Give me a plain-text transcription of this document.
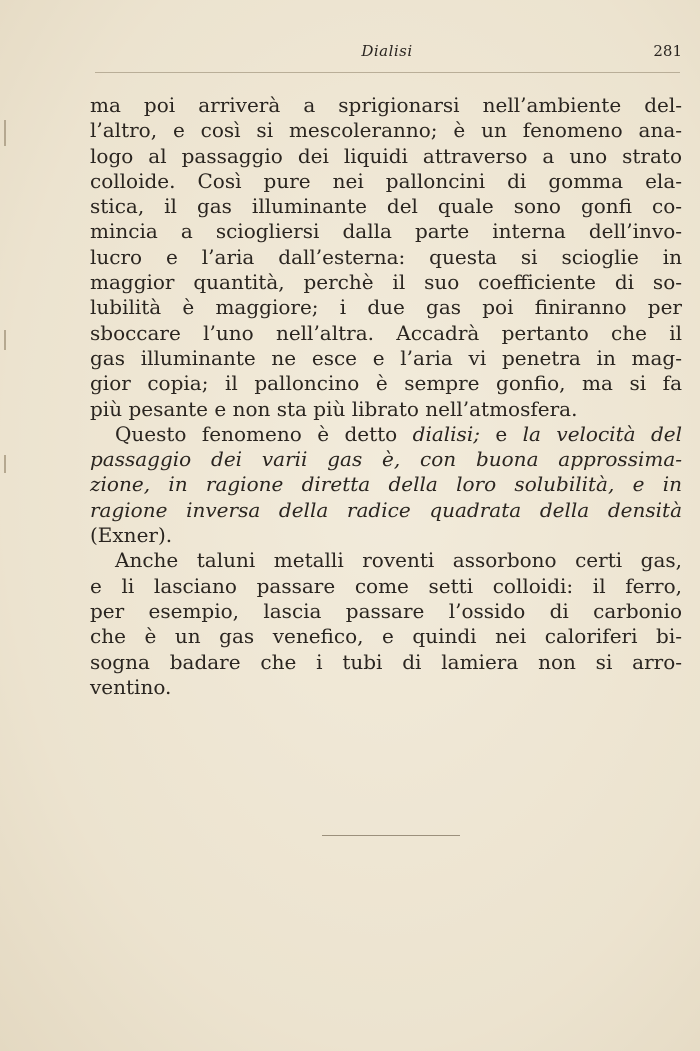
Dialisi	281
ma poi arriverà a sprigionarsi nell’ambiente del-
l’altro, e così si mescoleranno; è un fenomeno ana-
logo al passaggio dei liquidi attraverso a uno strato
colloide. Così pure nei palloncini di gomma ela-
stica, il gas illuminante del quale sono gonfi co-
mincia a sciogliersi dalla parte interna dell’invo-
lucro e l’aria dall’esterna: questa si scioglie in
maggior quantità, perchè il suo coefficiente di so-
lubilità è maggiore; i due gas poi finiranno per
sboccare l’uno nell’altra. Accadrà pertanto che il
gas illuminante ne esce e l’aria vi penetra in mag-
gior copia; il palloncino è sempre gonfio, ma si fa
più pesante e non sta più librato nell’atmosfera.
Questo fenomeno è detto dialisi; e la velocità del
passaggio dei varii gas è, con buona approssima-
zione, in ragione diretta della loro solubilità, e in
ragione inversa della radice quadrata della densità
(Exner).
Anche taluni metalli roventi assorbono certi gas,
e li lasciano passare come setti colloidi: il ferro,
per esempio, lascia passare l’ossido di carbonio
che è un gas venefico, e quindi nei caloriferi bi-
sogna badare che i tubi di lamiera non si arro-
ventino.
